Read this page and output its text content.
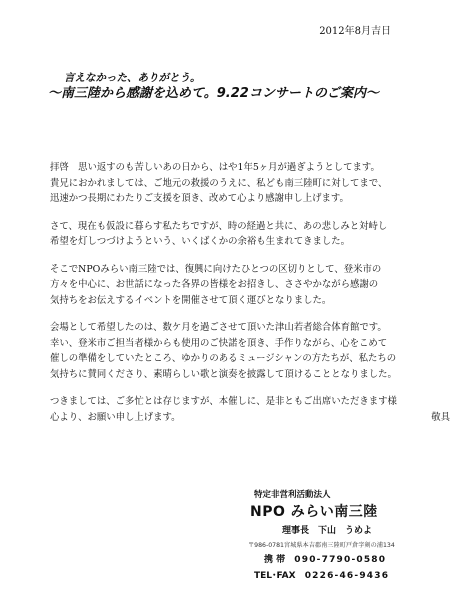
2012年8月吉日
言えなかった、ありがとう。
～南三陸から感謝を込めて。9.22コンサートのご案内～
拝啓　思い返すのも苦しいあの日から、はや1年5ヶ月が過ぎようとしてます。
貴兄におかれましては、ご地元の救援のうえに、私ども南三陸町に対してまで、
迅速かつ長期にわたりご支援を頂き、改めて心より感謝申し上げます。
さて、現在も仮設に暮らす私たちですが、時の経過と共に、あの悲しみと対峙し
希望を灯しつづけようという、いくばくかの余裕も生まれてきました。
そこでNPOみらい南三陸では、復興に向けたひとつの区切りとして、登米市の
方々を中心に、お世話になった各界の皆様をお招きし、ささやかながら感謝の
気持ちをお伝えするイベントを開催させて頂く運びとなりました。
会場として希望したのは、数ケ月を過ごさせて頂いた津山若者総合体育館です。
幸い、登米市ご担当者様からも使用のご快諾を頂き、手作りながら、心をこめて
催しの準備をしていたところ、ゆかりのあるミュージシャンの方たちが、私たちの
気持ちに賛同くださり、素晴らしい歌と演奏を披露して頂けることとなりました。
つきましては、ご多忙とは存じますが、本催しに、是非ともご出席いただきます様
心より、お願い申し上げます。	敬具
特定非営利活動法人
NPO みらい南三陸
理事長　下山　うめよ
〒986-0781宮城県本吉郡南三陸町戸倉字剣の浦134
携 帯 090-7790-0580
TEL･FAX 0226-46-9436
